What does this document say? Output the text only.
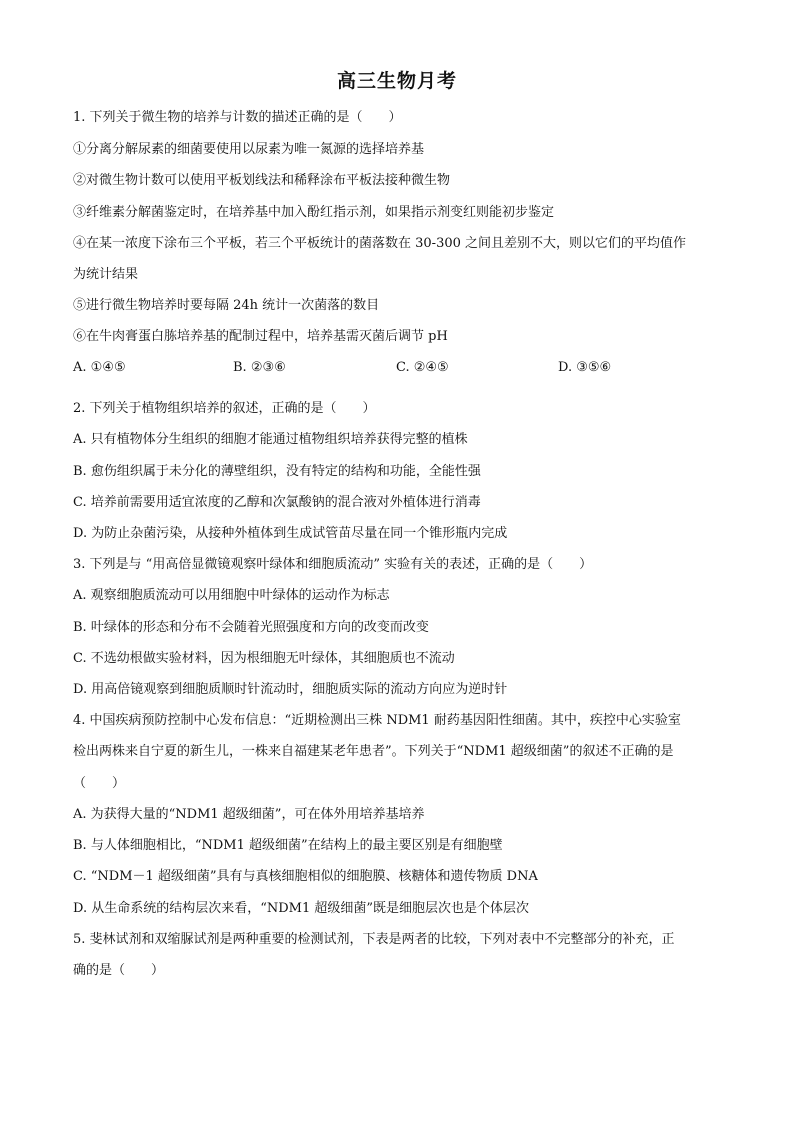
高三生物月考
1. 下列关于微生物的培养与计数的描述正确的是（　　）
①分离分解尿素的细菌要使用以尿素为唯一氮源的选择培养基
②对微生物计数可以使用平板划线法和稀释涂布平板法接种微生物
③纤维素分解菌鉴定时，在培养基中加入酚红指示剂，如果指示剂变红则能初步鉴定
④在某一浓度下涂布三个平板，若三个平板统计的菌落数在 30-300 之间且差别不大，则以它们的平均值作
为统计结果
⑤进行微生物培养时要每隔 24h 统计一次菌落的数目
⑥在牛肉膏蛋白胨培养基的配制过程中，培养基需灭菌后调节 pH
A. ①④⑤	B. ②③⑥	C. ②④⑤	D. ③⑤⑥
2. 下列关于植物组织培养的叙述，正确的是（　　）
A. 只有植物体分生组织的细胞才能通过植物组织培养获得完整的植株
B. 愈伤组织属于未分化的薄壁组织，没有特定的结构和功能，全能性强
C. 培养前需要用适宜浓度的乙醇和次氯酸钠的混合液对外植体进行消毒
D. 为防止杂菌污染，从接种外植体到生成试管苗尽量在同一个锥形瓶内完成
3. 下列是与 “用高倍显微镜观察叶绿体和细胞质流动” 实验有关的表述，正确的是（　　）
A. 观察细胞质流动可以用细胞中叶绿体的运动作为标志
B. 叶绿体的形态和分布不会随着光照强度和方向的改变而改变
C. 不选幼根做实验材料，因为根细胞无叶绿体，其细胞质也不流动
D. 用高倍镜观察到细胞质顺时针流动时，细胞质实际的流动方向应为逆时针
4. 中国疾病预防控制中心发布信息：“近期检测出三株 NDM1 耐药基因阳性细菌。其中，疾控中心实验室
检出两株来自宁夏的新生儿，一株来自福建某老年患者”。下列关于“NDM1 超级细菌”的叙述不正确的是
（　　）
A. 为获得大量的“NDM1 超级细菌”，可在体外用培养基培养
B. 与人体细胞相比，“NDM1 超级细菌”在结构上的最主要区别是有细胞壁
C. “NDM－1 超级细菌”具有与真核细胞相似的细胞膜、核糖体和遗传物质 DNA
D. 从生命系统的结构层次来看，“NDM1 超级细菌”既是细胞层次也是个体层次
5. 斐林试剂和双缩脲试剂是两种重要的检测试剂，下表是两者的比较，下列对表中不完整部分的补充，正
确的是（　　）
